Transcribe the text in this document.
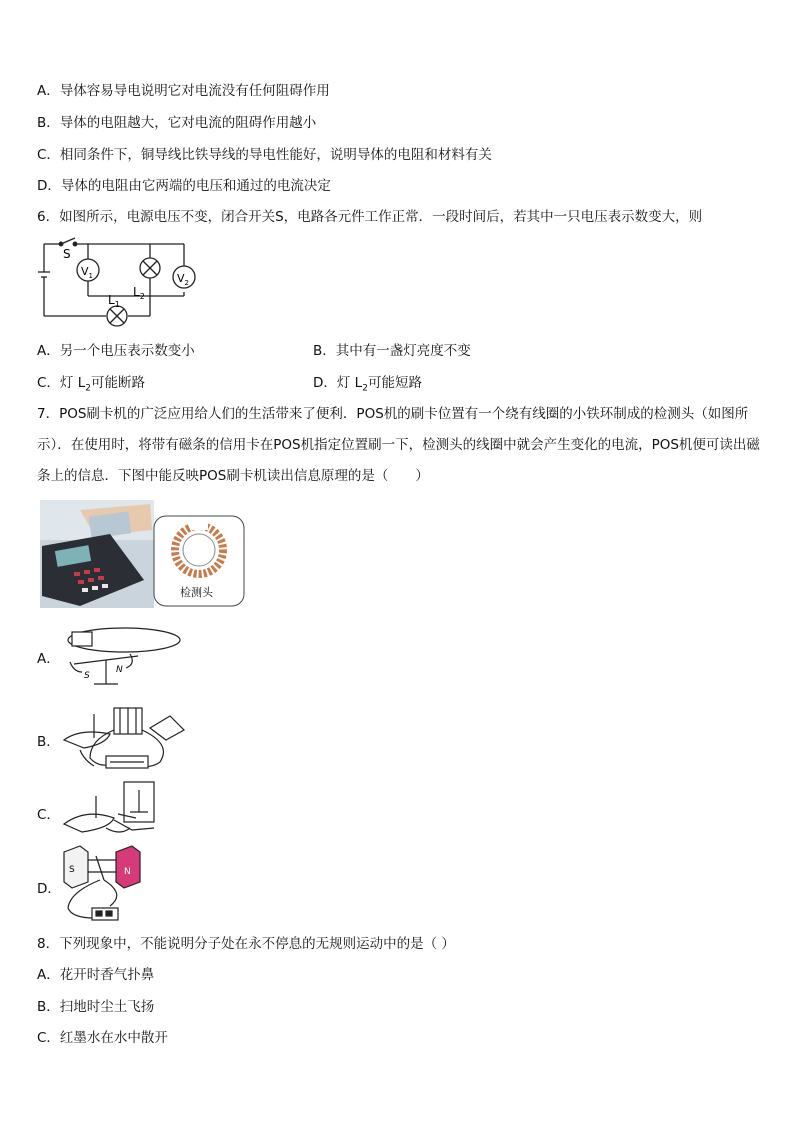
A．导体容易导电说明它对电流没有任何阻碍作用
B．导体的电阻越大，它对电流的阻碍作用越小
C．相同条件下，铜导线比铁导线的导电性能好，说明导体的电阻和材料有关
D．导体的电阻由它两端的电压和通过的电流决定
6．如图所示，电源电压不变，闭合开关S，电路各元件工作正常．一段时间后，若其中一只电压表示数变大，则
S
$V_1$	$V_2$
$L_2$
$L_1$
A．另一个电压表示数变小	B．其中有一盏灯亮度不变
C．灯 $L_2$可能断路	D．灯 $L_2$可能短路
7．POS刷卡机的广泛应用给人们的生活带来了便利．POS机的刷卡位置有一个绕有线圈的小铁环制成的检测头（如图所示）．在使用时，将带有磁条的信用卡在POS机指定位置刷一下，检测头的线圈中就会产生变化的电流，POS机便可读出磁条上的信息．下图中能反映POS刷卡机读出信息原理的是（　　）
检测头
A．
S
N
B．
C．
D．
S	N
8．下列现象中，不能说明分子处在永不停息的无规则运动中的是（ ）
A．花开时香气扑鼻
B．扫地时尘土飞扬
C．红墨水在水中散开
